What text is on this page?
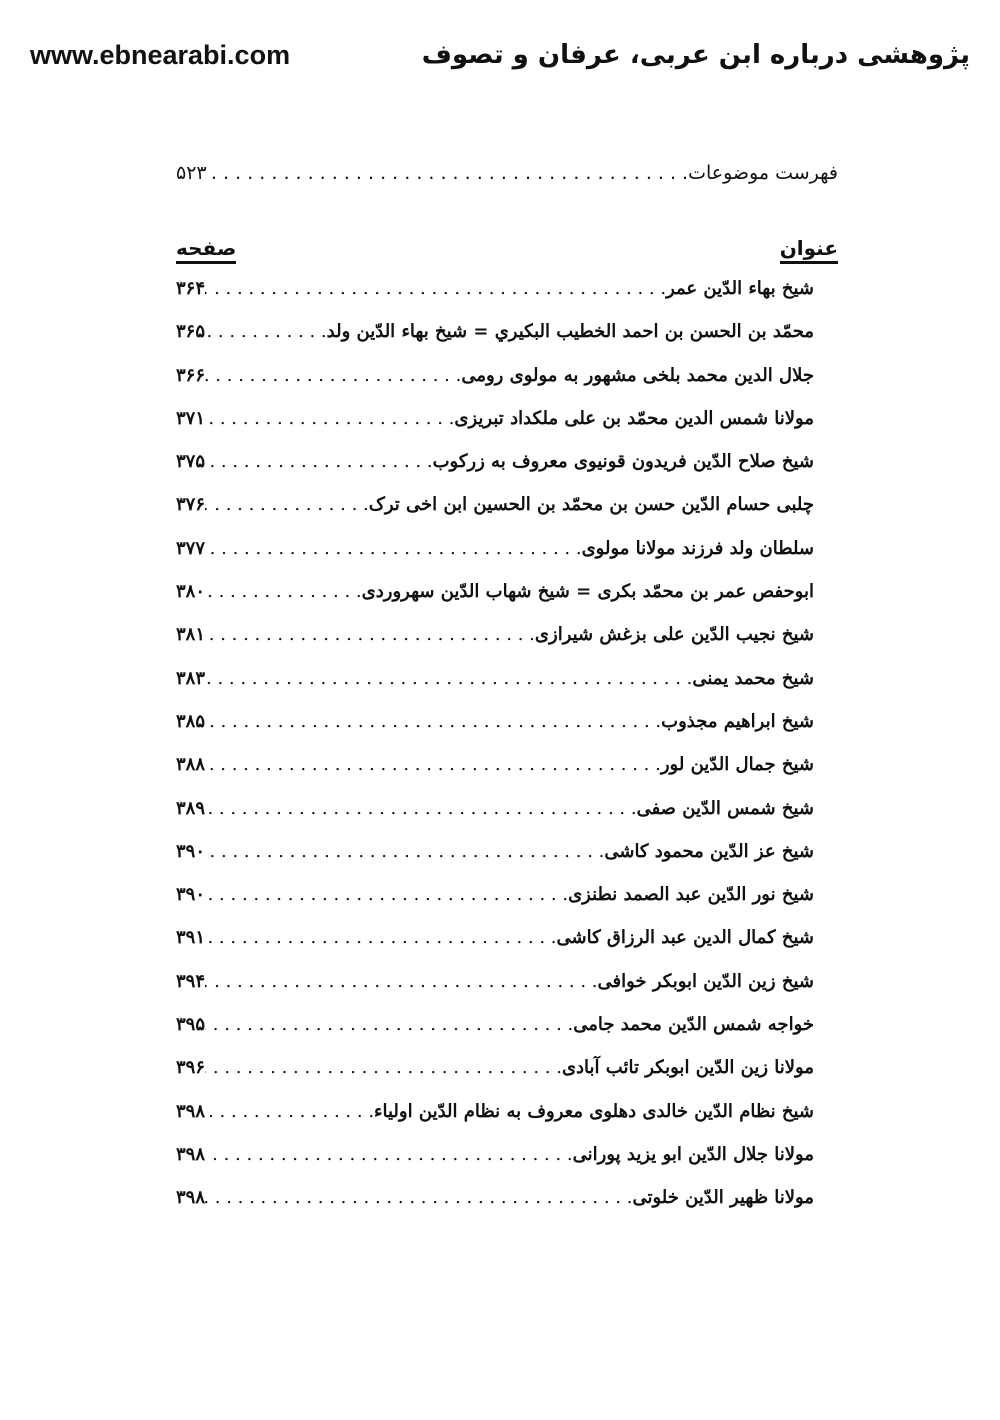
www.ebnearabi.com	پژوهشی درباره ابن عربی، عرفان و تصوف
فهرست موضوعات
. . .
۵۲۳
عنوان
صفحه
شیخ بهاء الدّین عمر
. . .
۳۶۴
محمّد بن الحسن بن احمد الخطیب البکیري = شیخ بهاء الدّین ولد
. . .
۳۶۵
جلال الدین محمد بلخی مشهور به مولوی رومی
. . .
۳۶۶
مولانا شمس الدین محمّد بن علی ملکداد تبریزی
. . .
۳۷۱
شیخ صلاح الدّین فریدون قونیوی معروف به زرکوب
. . .
۳۷۵
چلبی حسام الدّین حسن بن محمّد بن الحسین ابن اخی ترک
. . .
۳۷۶
سلطان ولد فرزند مولانا مولوی
. . .
۳۷۷
ابوحفص عمر بن محمّد بکری = شیخ شهاب الدّین سهروردی
. . .
۳۸۰
شیخ نجیب الدّین علی بزغش شیرازی
. . .
۳۸۱
شیخ محمد یمنی
. . .
۳۸۳
شیخ ابراهیم مجذوب
. . .
۳۸۵
شیخ جمال الدّین لور
. . .
۳۸۸
شیخ شمس الدّین صفی
. . .
۳۸۹
شیخ عز الدّین محمود کاشی
. . .
۳۹۰
شیخ نور الدّین عبد الصمد نطنزی
. . .
۳۹۰
شیخ کمال الدین عبد الرزاق کاشی
. . .
۳۹۱
شیخ زین الدّین ابوبکر خوافی
. . .
۳۹۴
خواجه شمس الدّین محمد جامی
. . .
۳۹۵
مولانا زین الدّین ابوبکر تائب آبادی
. . .
۳۹۶
شیخ نظام الدّین خالدی دهلوی معروف به نظام الدّین اولیاء
. . .
۳۹۸
مولانا جلال الدّین ابو یزید پورانی
. . .
۳۹۸
مولانا ظهیر الدّین خلوتی
. . .
۳۹۸
